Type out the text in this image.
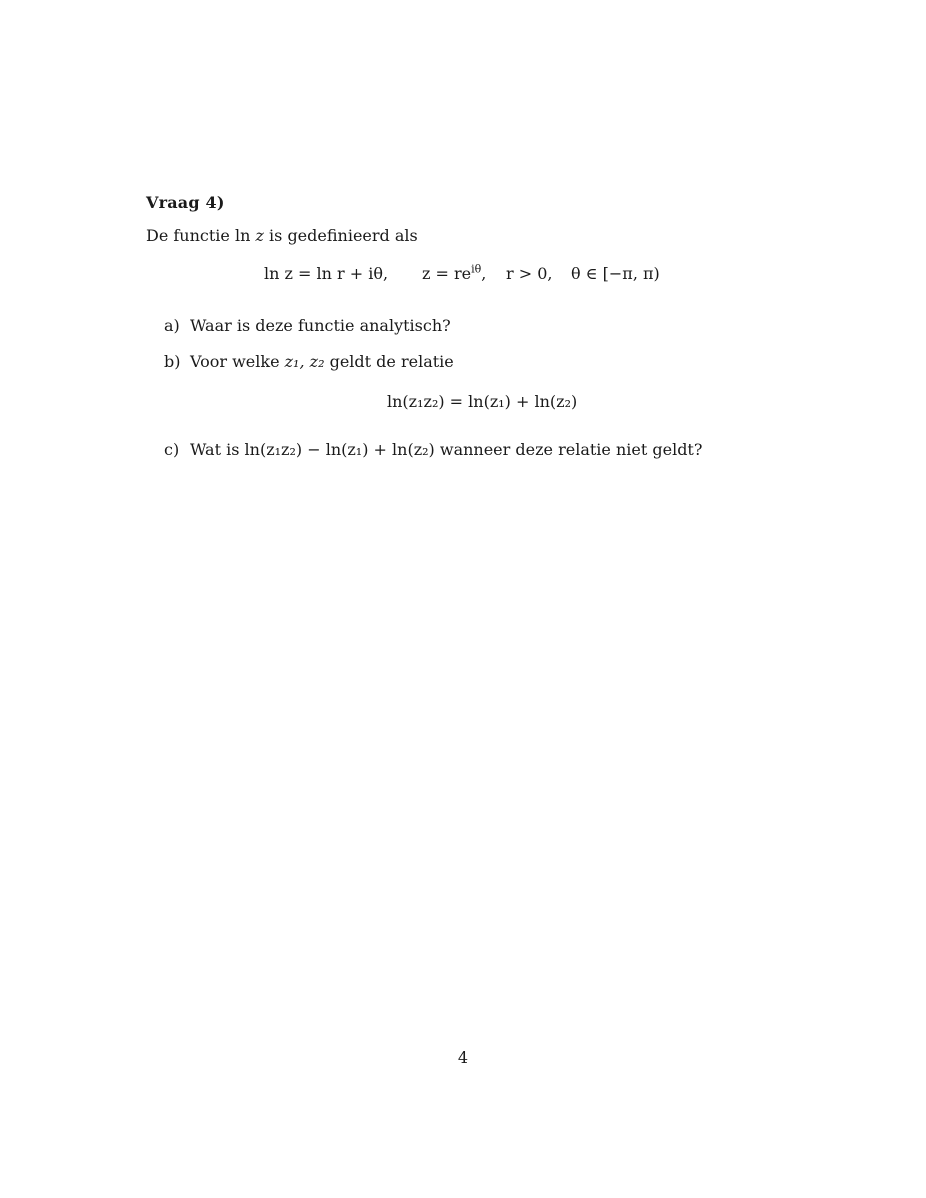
Vraag 4)
De functie ln z is gedefinieerd als
ln z = ln r + iθ, $z = re^{i\theta}$, r > 0, θ ∈ [−π, π)
a) Waar is deze functie analytisch?
b) Voor welke z₁, z₂ geldt de relatie
ln(z₁z₂) = ln(z₁) + ln(z₂)
c) Wat is ln(z₁z₂) − ln(z₁) + ln(z₂) wanneer deze relatie niet geldt?
4
